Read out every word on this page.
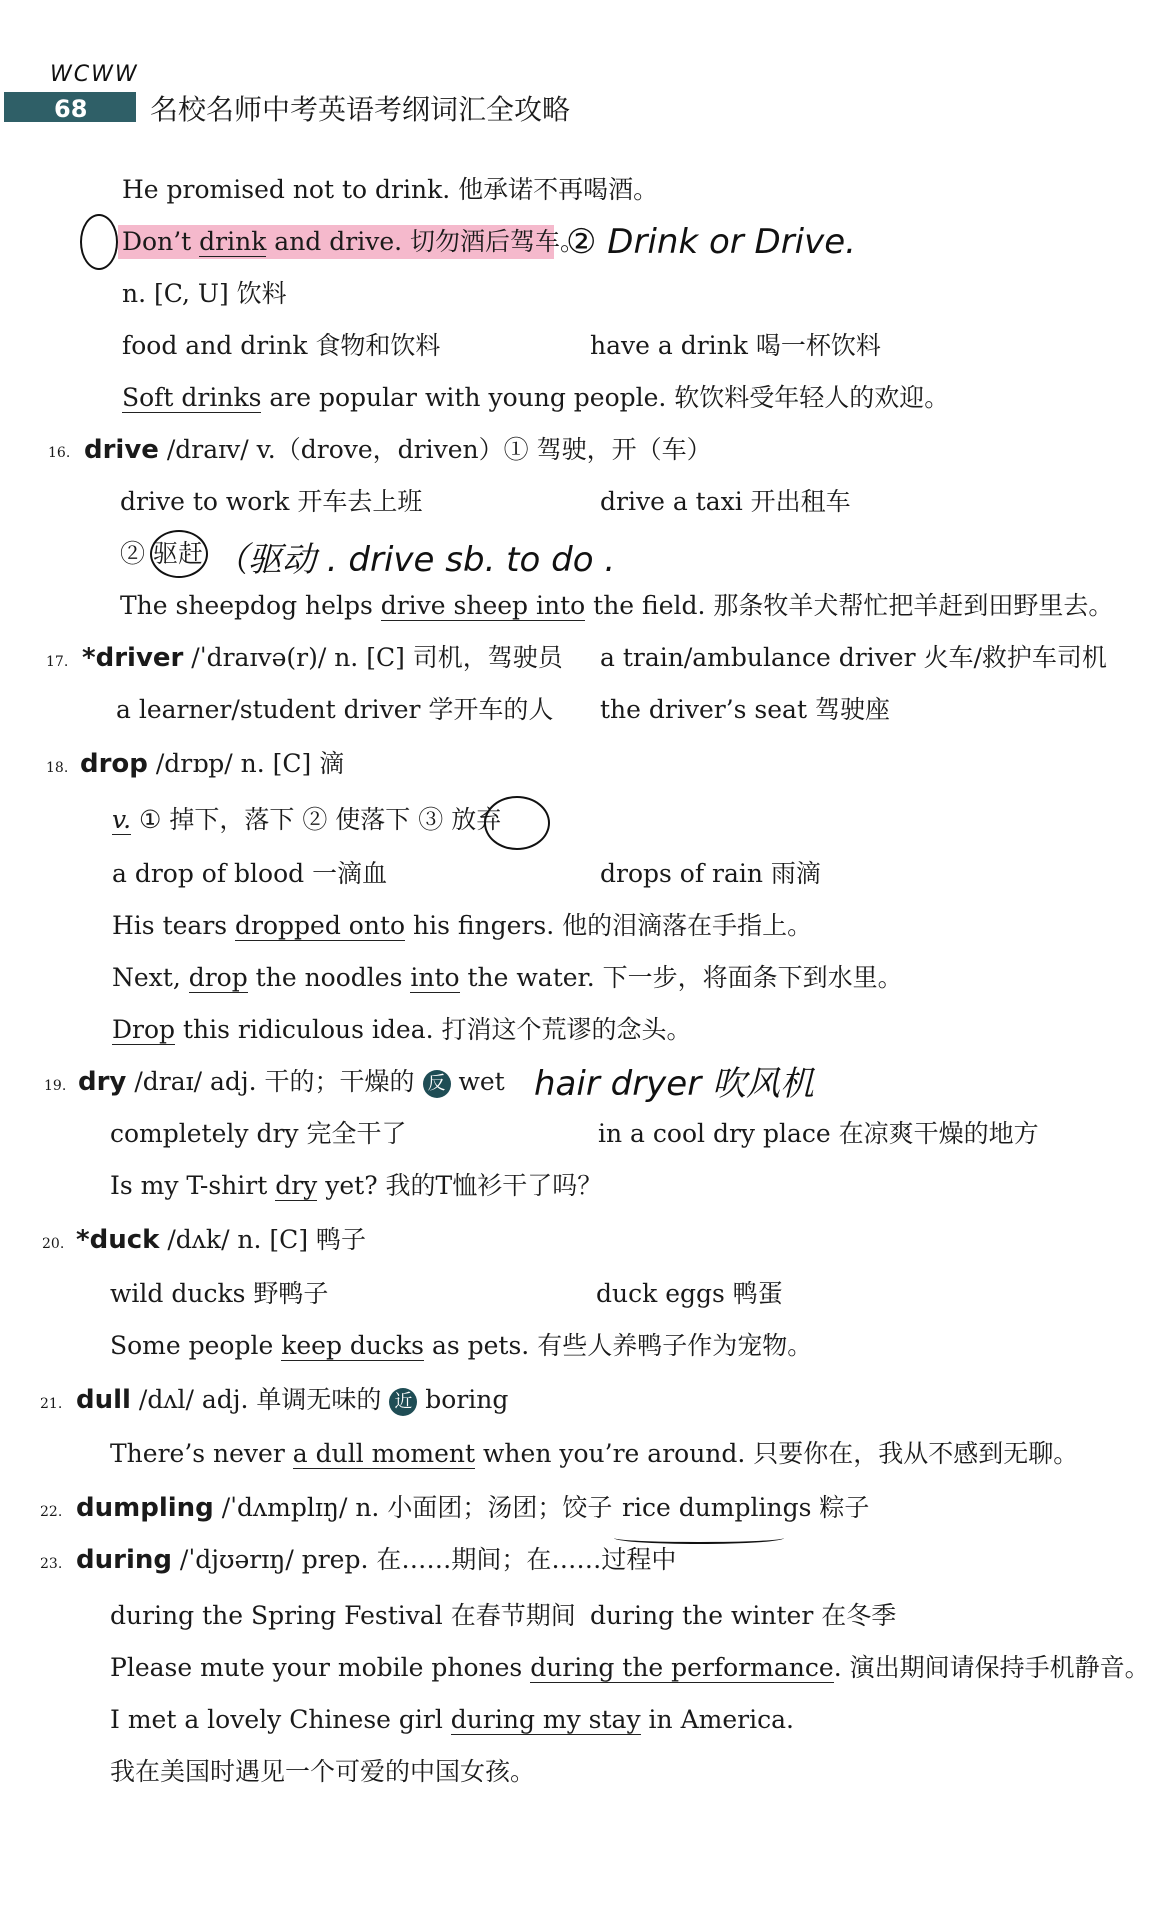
WCWW
68 名校名师中考英语考纲词汇全攻略
He promised not to drink. 他承诺不再喝酒。
Don’t drink and drive. 切勿酒后驾车。
② Drink or Drive.
n. [C, U] 饮料
food and drink 食物和饮料	have a drink 喝一杯饮料
Soft drinks are popular with young people. 软饮料受年轻人的欢迎。
16. drive /draɪv/ v.（drove，driven）① 驾驶，开（车）
drive to work 开车去上班	drive a taxi 开出租车
② 驱赶 （驱动 . drive sb. to do .
The sheepdog helps drive sheep into the field. 那条牧羊犬帮忙把羊赶到田野里去。
17. *driver /ˈdraɪvə(r)/ n. [C] 司机，驾驶员 a train/ambulance driver 火车/救护车司机
a learner/student driver 学开车的人 the driver’s seat 驾驶座
18. drop /drɒp/ n. [C] 滴
v. ① 掉下，落下 ② 使落下 ③ 放弃
a drop of blood 一滴血	drops of rain 雨滴
His tears dropped onto his fingers. 他的泪滴落在手指上。
Next, drop the noodles into the water. 下一步，将面条下到水里。
Drop this ridiculous idea. 打消这个荒谬的念头。
19. dry /draɪ/ adj. 干的；干燥的 反 wet hair dryer 吹风机
completely dry 完全干了	in a cool dry place 在凉爽干燥的地方
Is my T-shirt dry yet? 我的T恤衫干了吗？
20. *duck /dʌk/ n. [C] 鸭子
wild ducks 野鸭子	duck eggs 鸭蛋
Some people keep ducks as pets. 有些人养鸭子作为宠物。
21. dull /dʌl/ adj. 单调无味的 近 boring
There’s never a dull moment when you’re around. 只要你在，我从不感到无聊。
22. dumpling /ˈdʌmplɪŋ/ n. 小面团；汤团；饺子 rice dumplings 粽子
23. during /ˈdjʊərɪŋ/ prep. 在……期间；在……过程中
during the Spring Festival 在春节期间 during the winter 在冬季
Please mute your mobile phones during the performance. 演出期间请保持手机静音。
I met a lovely Chinese girl during my stay in America.
我在美国时遇见一个可爱的中国女孩。
